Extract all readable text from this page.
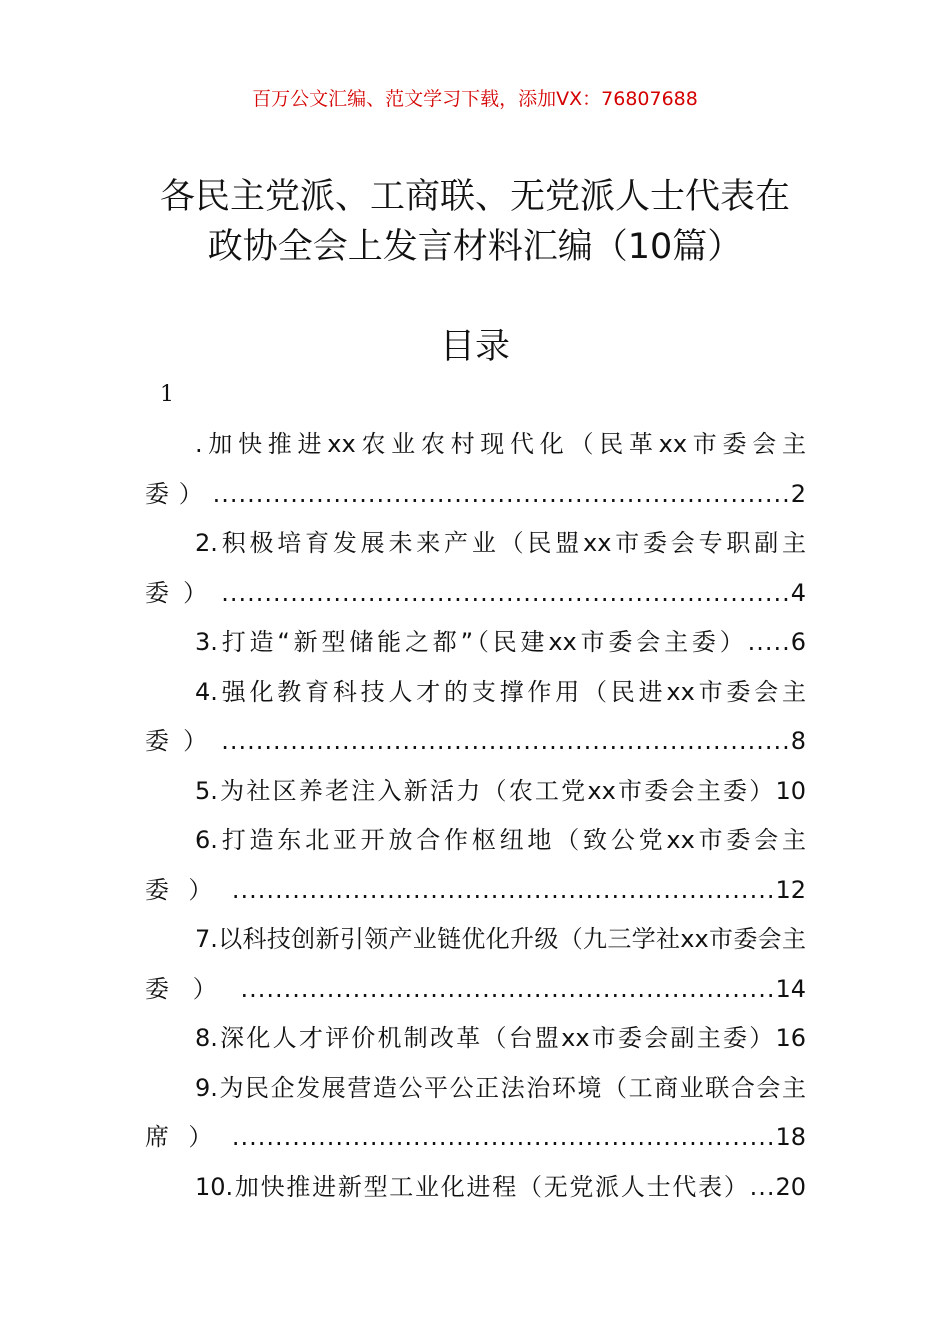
百万公文汇编、范文学习下载，添加VX：76807688
各民主党派、工商联、无党派人士代表在
政协全会上发言材料汇编（10篇）
目录
1
.加快推进xx农业农村现代化（民革xx市委会主委）...................................................................2
2.积极培育发展未来产业（民盟xx市委会专职副主委）..................................................................4
3.打造“新型储能之都”（民建xx市委会主委）.....6
4.强化教育科技人才的支撑作用（民进xx市委会主委）..................................................................8
5.为社区养老注入新活力（农工党xx市委会主委）10
6.打造东北亚开放合作枢纽地（致公党xx市委会主委）...............................................................12
7.以科技创新引领产业链优化升级（九三学社xx市委会主委）..............................................................14
8.深化人才评价机制改革（台盟xx市委会副主委）16
9.为民企发展营造公平公正法治环境（工商业联合会主席）...............................................................18
10.加快推进新型工业化进程（无党派人士代表）...20
